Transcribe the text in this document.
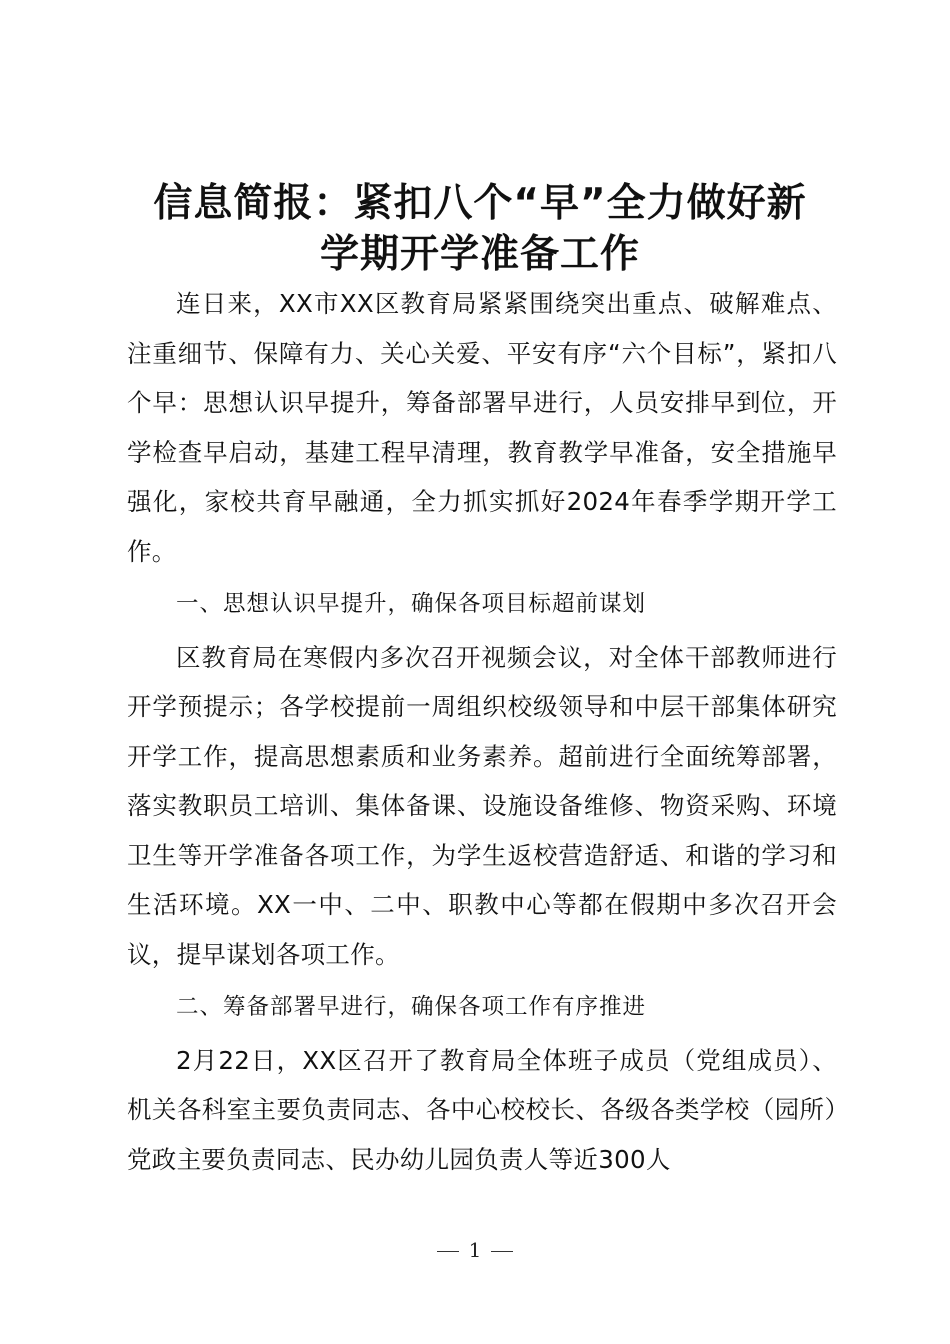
信息简报：紧扣八个“早”全力做好新
学期开学准备工作

连日来，XX市XX区教育局紧紧围绕突出重点、破解难点、注重细节、保障有力、关心关爱、平安有序“六个目标”，紧扣八个早：思想认识早提升，筹备部署早进行，人员安排早到位，开学检查早启动，基建工程早清理，教育教学早准备，安全措施早强化，家校共育早融通，全力抓实抓好2024年春季学期开学工作。

一、思想认识早提升，确保各项目标超前谋划

区教育局在寒假内多次召开视频会议，对全体干部教师进行开学预提示；各学校提前一周组织校级领导和中层干部集体研究开学工作，提高思想素质和业务素养。超前进行全面统筹部署，落实教职员工培训、集体备课、设施设备维修、物资采购、环境卫生等开学准备各项工作，为学生返校营造舒适、和谐的学习和生活环境。XX一中、二中、职教中心等都在假期中多次召开会议，提早谋划各项工作。

二、筹备部署早进行，确保各项工作有序推进

2月22日，XX区召开了教育局全体班子成员（党组成员）、机关各科室主要负责同志、各中心校校长、各级各类学校（园所）党政主要负责同志、民办幼儿园负责人等近300人

1
